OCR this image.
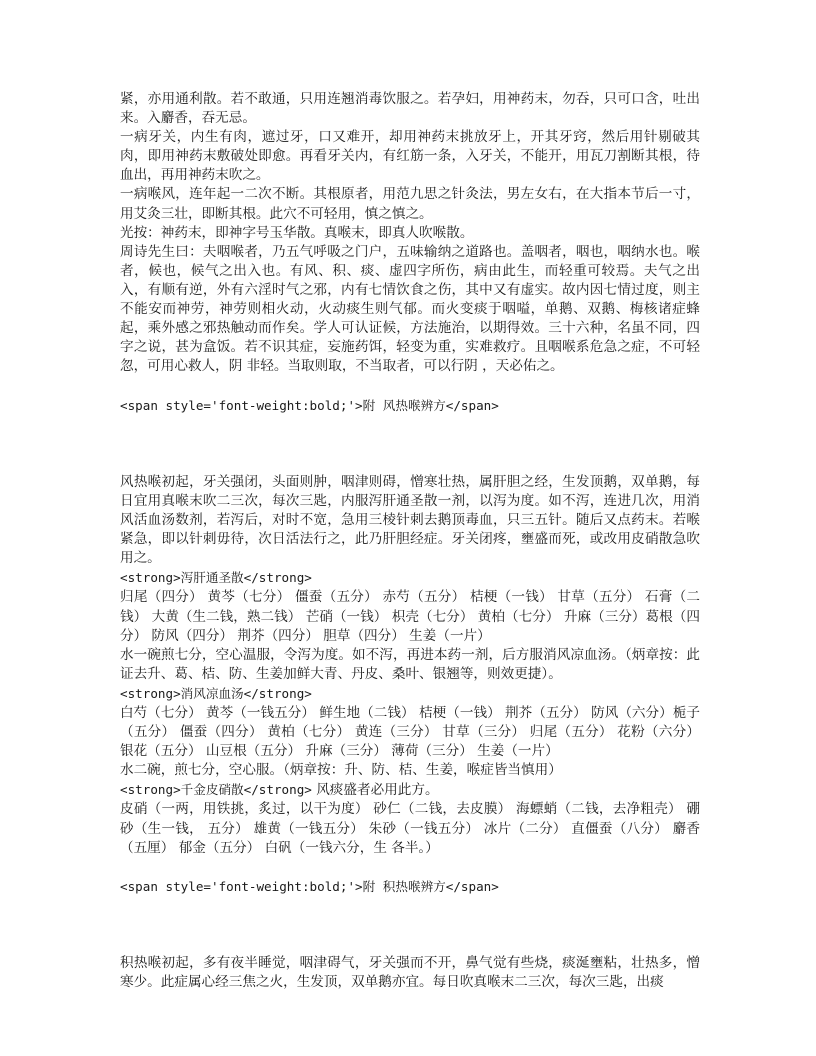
紧，亦用通利散。若不敢通，只用连翘消毒饮服之。若孕妇，用神药末，勿吞，只可口含，吐出来。入麝香，吞无忌。

一病牙关，内生有肉，遮过牙，口又难开，却用神药末挑放牙上，开其牙窍，然后用针剔破其肉，即用神药末敷破处即愈。再看牙关内，有红筋一条，入牙关，不能开，用瓦刀割断其根，待血出，再用神药末吹之。

一病喉风，连年起一二次不断。其根原者，用范九思之针灸法，男左女右，在大指本节后一寸，用艾灸三壮，即断其根。此穴不可轻用，慎之慎之。

光按：神药末，即神字号玉华散。真喉末，即真人吹喉散。

周诗先生曰：夫咽喉者，乃五气呼吸之门户，五味输纳之道路也。盖咽者，咽也，咽纳水也。喉者，候也，候气之出入也。有风、积、痰、虚四字所伤，病由此生，而轻重可较焉。夫气之出入，有顺有逆，外有六淫时气之邪，内有七情饮食之伤，其中又有虚实。故内因七情过度，则主不能安而神劳，神劳则相火动，火动痰生则气郁。而火变痰于咽嗌，单鹅、双鹅、梅核诸症蜂起，乘外感之邪热触动而作矣。学人可认证候，方法施治，以期得效。三十六种，名虽不同，四字之说，甚为盒饭。若不识其症，妄施药饵，轻变为重，实难救疗。且咽喉系危急之症，不可轻忽，可用心救人，阴 非轻。当取则取，不当取者，可以行阴 ，天必佑之。

<span style='font-weight:bold;'>附 风热喉辨方</span>

风热喉初起，牙关强闭，头面则肿，咽津则碍，憎寒壮热，属肝胆之经，生发顶鹅，双单鹅，每日宜用真喉末吹二三次，每次三匙，内服泻肝通圣散一剂，以泻为度。如不泻，连进几次，用消风活血汤数剂，若泻后，对时不宽，急用三棱针刺去鹅顶毒血，只三五针。随后又点药末。若喉紧急，即以针刺毋待，次日活法行之，此乃肝胆经症。牙关闭疼，壅盛而死，或改用皮硝散急吹用之。

<strong>泻肝通圣散</strong>

归尾（四分） 黄芩（七分） 僵蚕（五分） 赤芍（五分） 桔梗（一钱） 甘草（五分） 石膏（二钱） 大黄（生二钱，熟二钱） 芒硝（一钱） 枳壳（七分） 黄柏（七分） 升麻（三分）葛根（四分） 防风（四分） 荆芥（四分） 胆草（四分） 生姜（一片）

水一碗煎七分，空心温服，令泻为度。如不泻，再进本药一剂，后方服消风凉血汤。（炳章按：此证去升、葛、桔、防、生姜加鲜大青、丹皮、桑叶、银翘等，则效更捷）。

<strong>消风凉血汤</strong>

白芍（七分） 黄芩（一钱五分） 鲜生地（二钱） 桔梗（一钱） 荆芥（五分） 防风（六分）栀子（五分） 僵蚕（四分） 黄柏（七分） 黄连（三分） 甘草（三分） 归尾（五分） 花粉（六分）银花（五分） 山豆根（五分） 升麻（三分） 薄荷（三分） 生姜（一片）

水二碗，煎七分，空心服。（炳章按：升、防、桔、生姜，喉症皆当慎用）

<strong>千金皮硝散</strong> 风痰盛者必用此方。

皮硝（一两，用铁挑，炙过，以干为度） 砂仁（二钱，去皮膜） 海螵蛸（二钱，去净粗壳） 硼砂（生一钱， 五分） 雄黄（一钱五分） 朱砂（一钱五分） 冰片（二分） 直僵蚕（八分） 麝香（五厘） 郁金（五分） 白矾（一钱六分，生 各半。）

<span style='font-weight:bold;'>附 积热喉辨方</span>

积热喉初起，多有夜半睡觉，咽津碍气，牙关强而不开，鼻气觉有些烧，痰涎壅粘，壮热多，憎寒少。此症属心经三焦之火，生发顶，双单鹅亦宜。每日吹真喉末二三次，每次三匙，出痰
